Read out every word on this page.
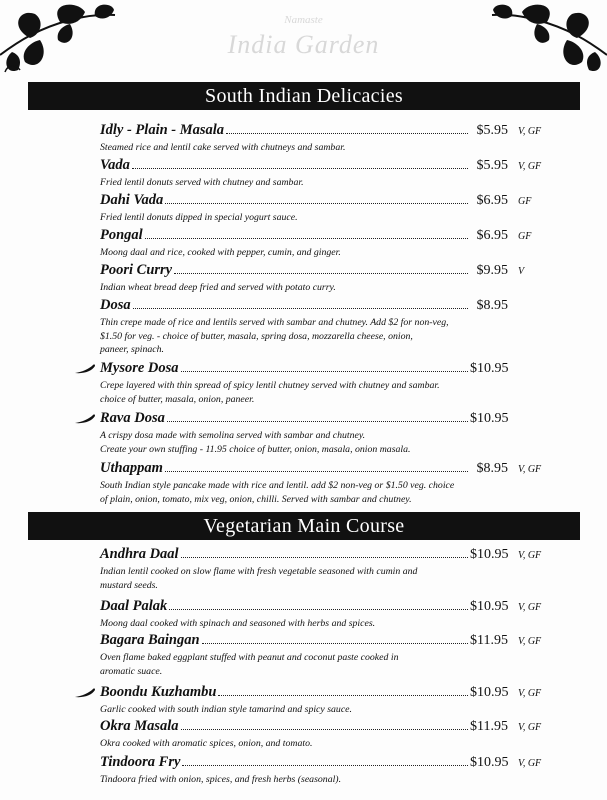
Namaste
India Garden
South Indian Delicacies
Idly - Plain - Masala	$5.95	V, GF
Steamed rice and lentil cake served with chutneys and sambar.
Vada	$5.95	V, GF
Fried lentil donuts served with chutney and sambar.
Dahi Vada	$6.95	GF
Fried lentil donuts dipped in special yogurt sauce.
Pongal	$6.95	GF
Moong daal and rice, cooked with pepper, cumin, and ginger.
Poori Curry	$9.95	V
Indian wheat bread deep fried and served with potato curry.
Dosa	$8.95
Thin crepe made of rice and lentils served with sambar and chutney. Add $2 for non-veg,
$1.50 for veg. - choice of butter, masala, spring dosa, mozzarella cheese, onion,
paneer, spinach.
Mysore Dosa	$10.95
Crepe layered with thin spread of spicy lentil chutney served with chutney and sambar.
choice of butter, masala, onion, paneer.
Rava Dosa	$10.95
A crispy dosa made with semolina served with sambar and chutney.
Create your own stuffing - 11.95 choice of butter, onion, masala, onion masala.
Uthappam	$8.95	V, GF
South Indian style pancake made with rice and lentil. add $2 non-veg or $1.50 veg. choice
of plain, onion, tomato, mix veg, onion, chilli. Served with sambar and chutney.
Vegetarian Main Course
Andhra Daal	$10.95 V, GF
Indian lentil cooked on slow flame with fresh vegetable seasoned with cumin and
mustard seeds.
Daal Palak	$10.95 V, GF
Moong daal cooked with spinach and seasoned with herbs and spices.
Bagara Baingan	$11.95	V, GF
Oven flame baked eggplant stuffed with peanut and coconut paste cooked in
aromatic suace.
Boondu Kuzhambu	$10.95 V, GF
Garlic cooked with south indian style tamarind and spicy sauce.
Okra Masala	$11.95	V, GF
Okra cooked with aromatic spices, onion, and tomato.
Tindoora Fry	$10.95 V, GF
Tindoora fried with onion, spices, and fresh herbs (seasonal).
